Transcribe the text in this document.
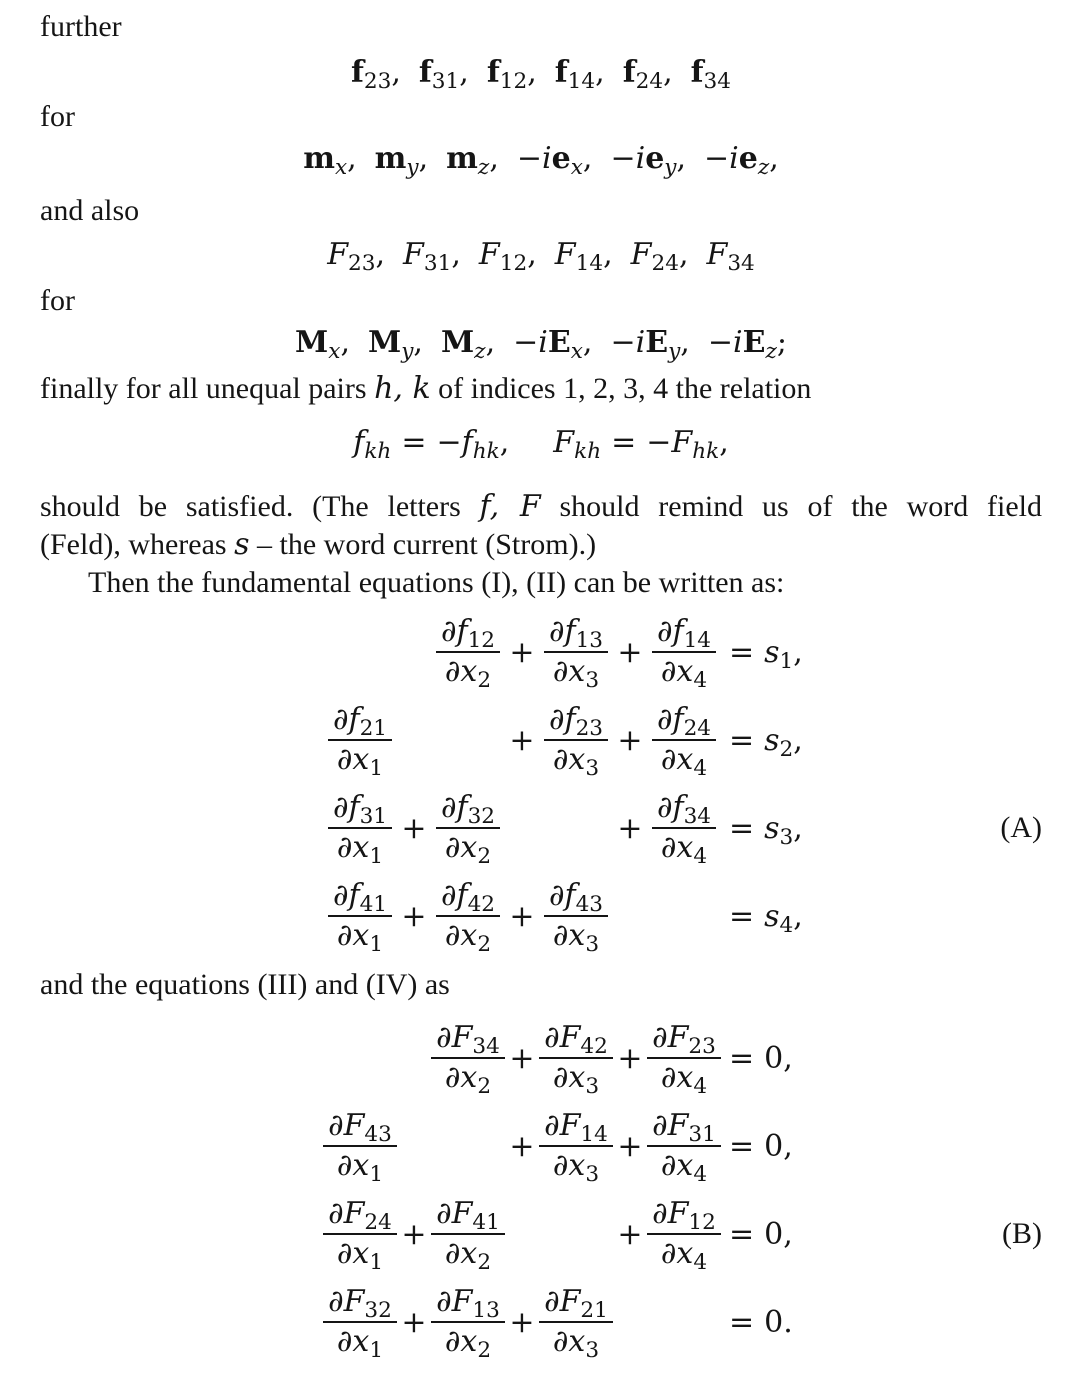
further

$f_{23}$, $f_{31}$, $f_{12}$, $f_{14}$, $f_{24}$, $f_{34}$

for

$m_x$, $m_y$, $m_z$, $-ie_x$, $-ie_y$, $-ie_z$,

and also

$F_{23}$, $F_{31}$, $F_{12}$, $F_{14}$, $F_{24}$, $F_{34}$

for

$M_x$, $M_y$, $M_z$, $-iE_x$, $-iE_y$, $-iE_z$;

finally for all unequal pairs h, k of indices 1, 2, 3, 4 the relation

$f_{kh} = -f_{hk}$, $F_{kh} = -F_{hk}$,

should be satisfied. (The letters f, F should remind us of the word field

(Feld), whereas s – the word current (Strom).)

Then the fundamental equations (I), (II) can be written as:

$\frac{\partial f_{12}}{\partial x_2} + \frac{\partial f_{13}}{\partial x_3} + \frac{\partial f_{14}}{\partial x_4} = s_1$,
$\frac{\partial f_{21}}{\partial x_1}$	+ $\frac{\partial f_{23}}{\partial x_3} + \frac{\partial f_{24}}{\partial x_4} = s_2$,
$\frac{\partial f_{31}}{\partial x_1} + \frac{\partial f_{32}}{\partial x_2}$	+ $\frac{\partial f_{34}}{\partial x_4} = s_3$,	(A)
$\frac{\partial f_{41}}{\partial x_1} + \frac{\partial f_{42}}{\partial x_2} + \frac{\partial f_{43}}{\partial x_3}$	= $s_4$,

and the equations (III) and (IV) as

$\frac{\partial F_{34}}{\partial x_2} + \frac{\partial F_{42}}{\partial x_3} + \frac{\partial F_{23}}{\partial x_4} = 0$,
$\frac{\partial F_{43}}{\partial x_1}$	+ $\frac{\partial F_{14}}{\partial x_3} + \frac{\partial F_{31}}{\partial x_4} = 0$,
$\frac{\partial F_{24}}{\partial x_1} + \frac{\partial F_{41}}{\partial x_2}$	+ $\frac{\partial F_{12}}{\partial x_4} = 0$,	(B)
$\frac{\partial F_{32}}{\partial x_1} + \frac{\partial F_{13}}{\partial x_2} + \frac{\partial F_{21}}{\partial x_3}$	= 0.
